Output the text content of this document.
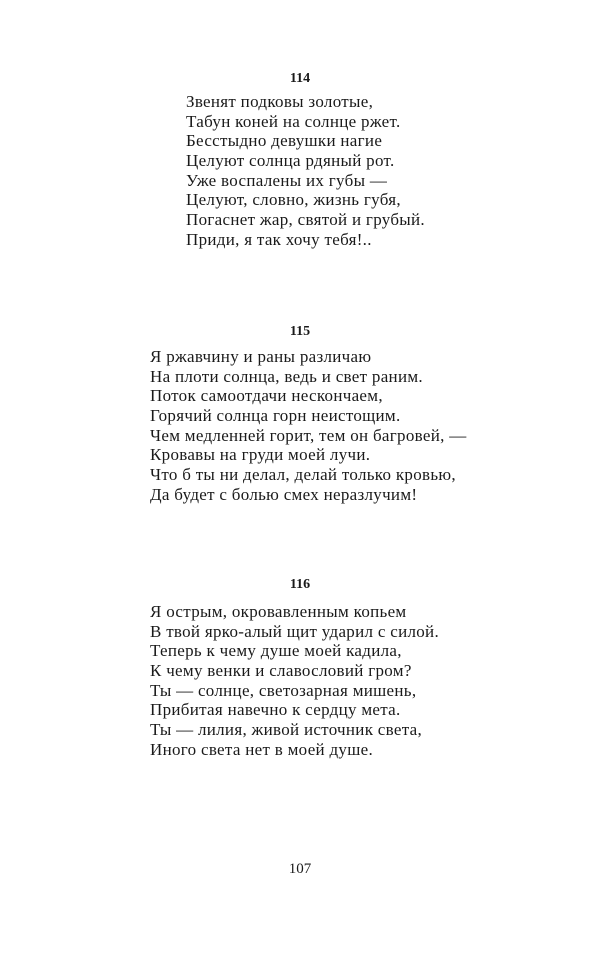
114
Звенят подковы золотые,
Табун коней на солнце ржет.
Бесстыдно девушки нагие
Целуют солнца рдяный рот.
Уже воспалены их губы —
Целуют, словно, жизнь губя,
Погаснет жар, святой и грубый.
Приди, я так хочу тебя!..
115
Я ржавчину и раны различаю
На плоти солнца, ведь и свет раним.
Поток самоотдачи нескончаем,
Горячий солнца горн неистощим.
Чем медленней горит, тем он багровей, —
Кровавы на груди моей лучи.
Что б ты ни делал, делай только кровью,
Да будет с болью смех неразлучим!
116
Я острым, окровавленным копьем
В твой ярко-алый щит ударил с силой.
Теперь к чему душе моей кадила,
К чему венки и славословий гром?
Ты — солнце, светозарная мишень,
Прибитая навечно к сердцу мета.
Ты — лилия, живой источник света,
Иного света нет в моей душе.
107
